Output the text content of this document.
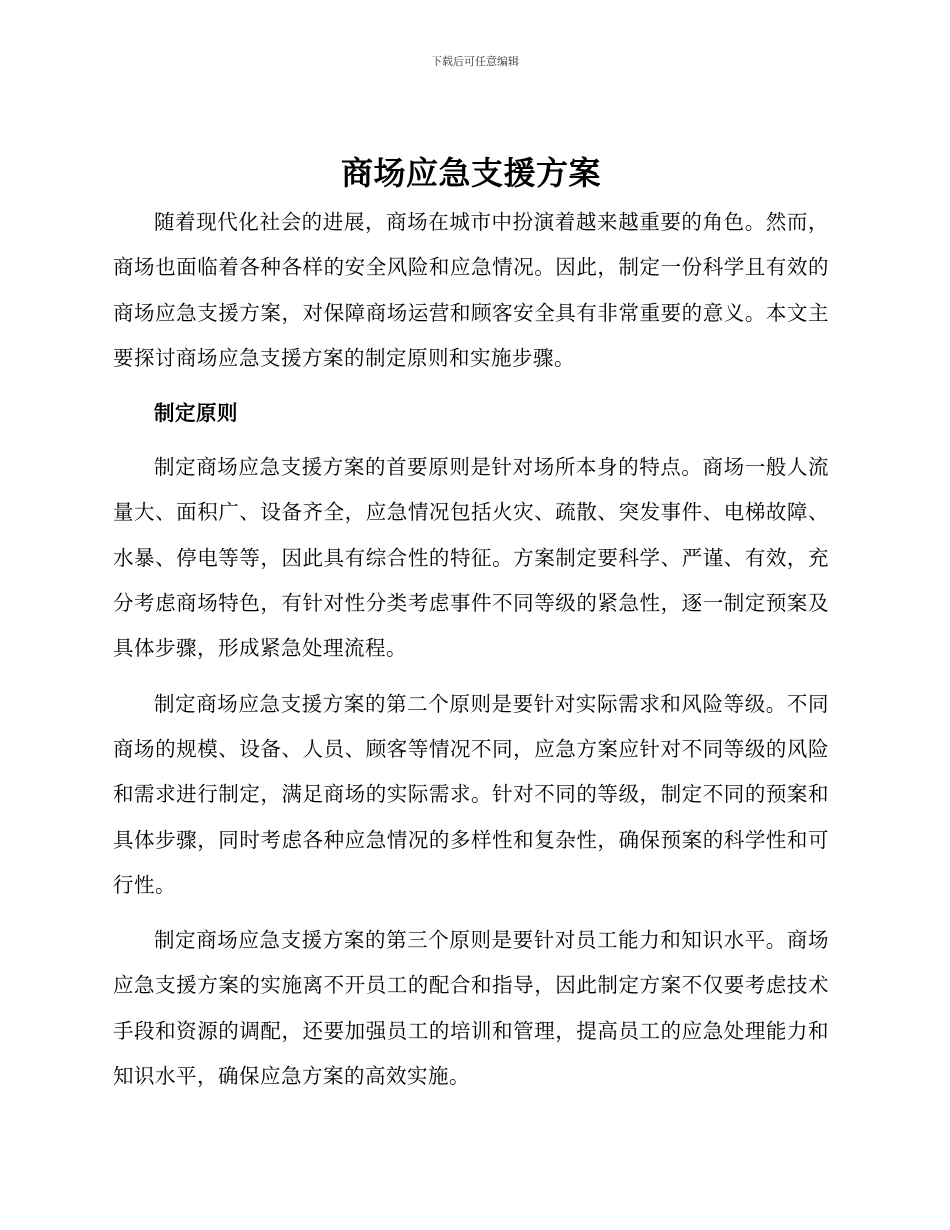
下载后可任意编辑
商场应急支援方案

随着现代化社会的进展，商场在城市中扮演着越来越重要的角色。然而，商场也面临着各种各样的安全风险和应急情况。因此，制定一份科学且有效的商场应急支援方案，对保障商场运营和顾客安全具有非常重要的意义。本文主要探讨商场应急支援方案的制定原则和实施步骤。

制定原则

制定商场应急支援方案的首要原则是针对场所本身的特点。商场一般人流量大、面积广、设备齐全，应急情况包括火灾、疏散、突发事件、电梯故障、水暴、停电等等，因此具有综合性的特征。方案制定要科学、严谨、有效，充分考虑商场特色，有针对性分类考虑事件不同等级的紧急性，逐一制定预案及具体步骤，形成紧急处理流程。

制定商场应急支援方案的第二个原则是要针对实际需求和风险等级。不同商场的规模、设备、人员、顾客等情况不同，应急方案应针对不同等级的风险和需求进行制定，满足商场的实际需求。针对不同的等级，制定不同的预案和具体步骤，同时考虑各种应急情况的多样性和复杂性，确保预案的科学性和可行性。

制定商场应急支援方案的第三个原则是要针对员工能力和知识水平。商场应急支援方案的实施离不开员工的配合和指导，因此制定方案不仅要考虑技术手段和资源的调配，还要加强员工的培训和管理，提高员工的应急处理能力和知识水平，确保应急方案的高效实施。
